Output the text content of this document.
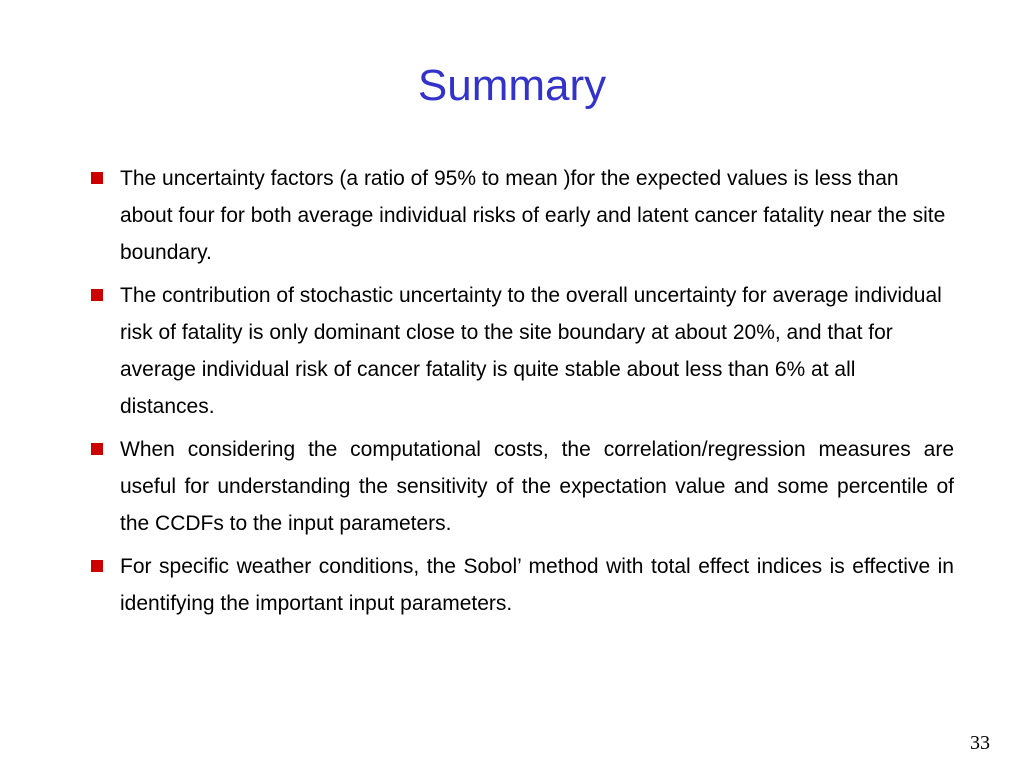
Summary
The uncertainty factors (a ratio of 95% to mean )for the expected values is less than about four for both average individual risks of early and latent cancer fatality near the site boundary.
The contribution of stochastic uncertainty to the overall uncertainty for average individual risk of fatality is only dominant close to the site boundary at about 20%, and that for average individual risk of cancer fatality is quite stable about less than 6% at all distances.
When considering the computational costs, the correlation/regression measures are useful for understanding the sensitivity of the expectation value and some percentile of the CCDFs to the input parameters.
For specific weather conditions, the Sobol’ method with total effect indices is effective in identifying the important input parameters.
33
